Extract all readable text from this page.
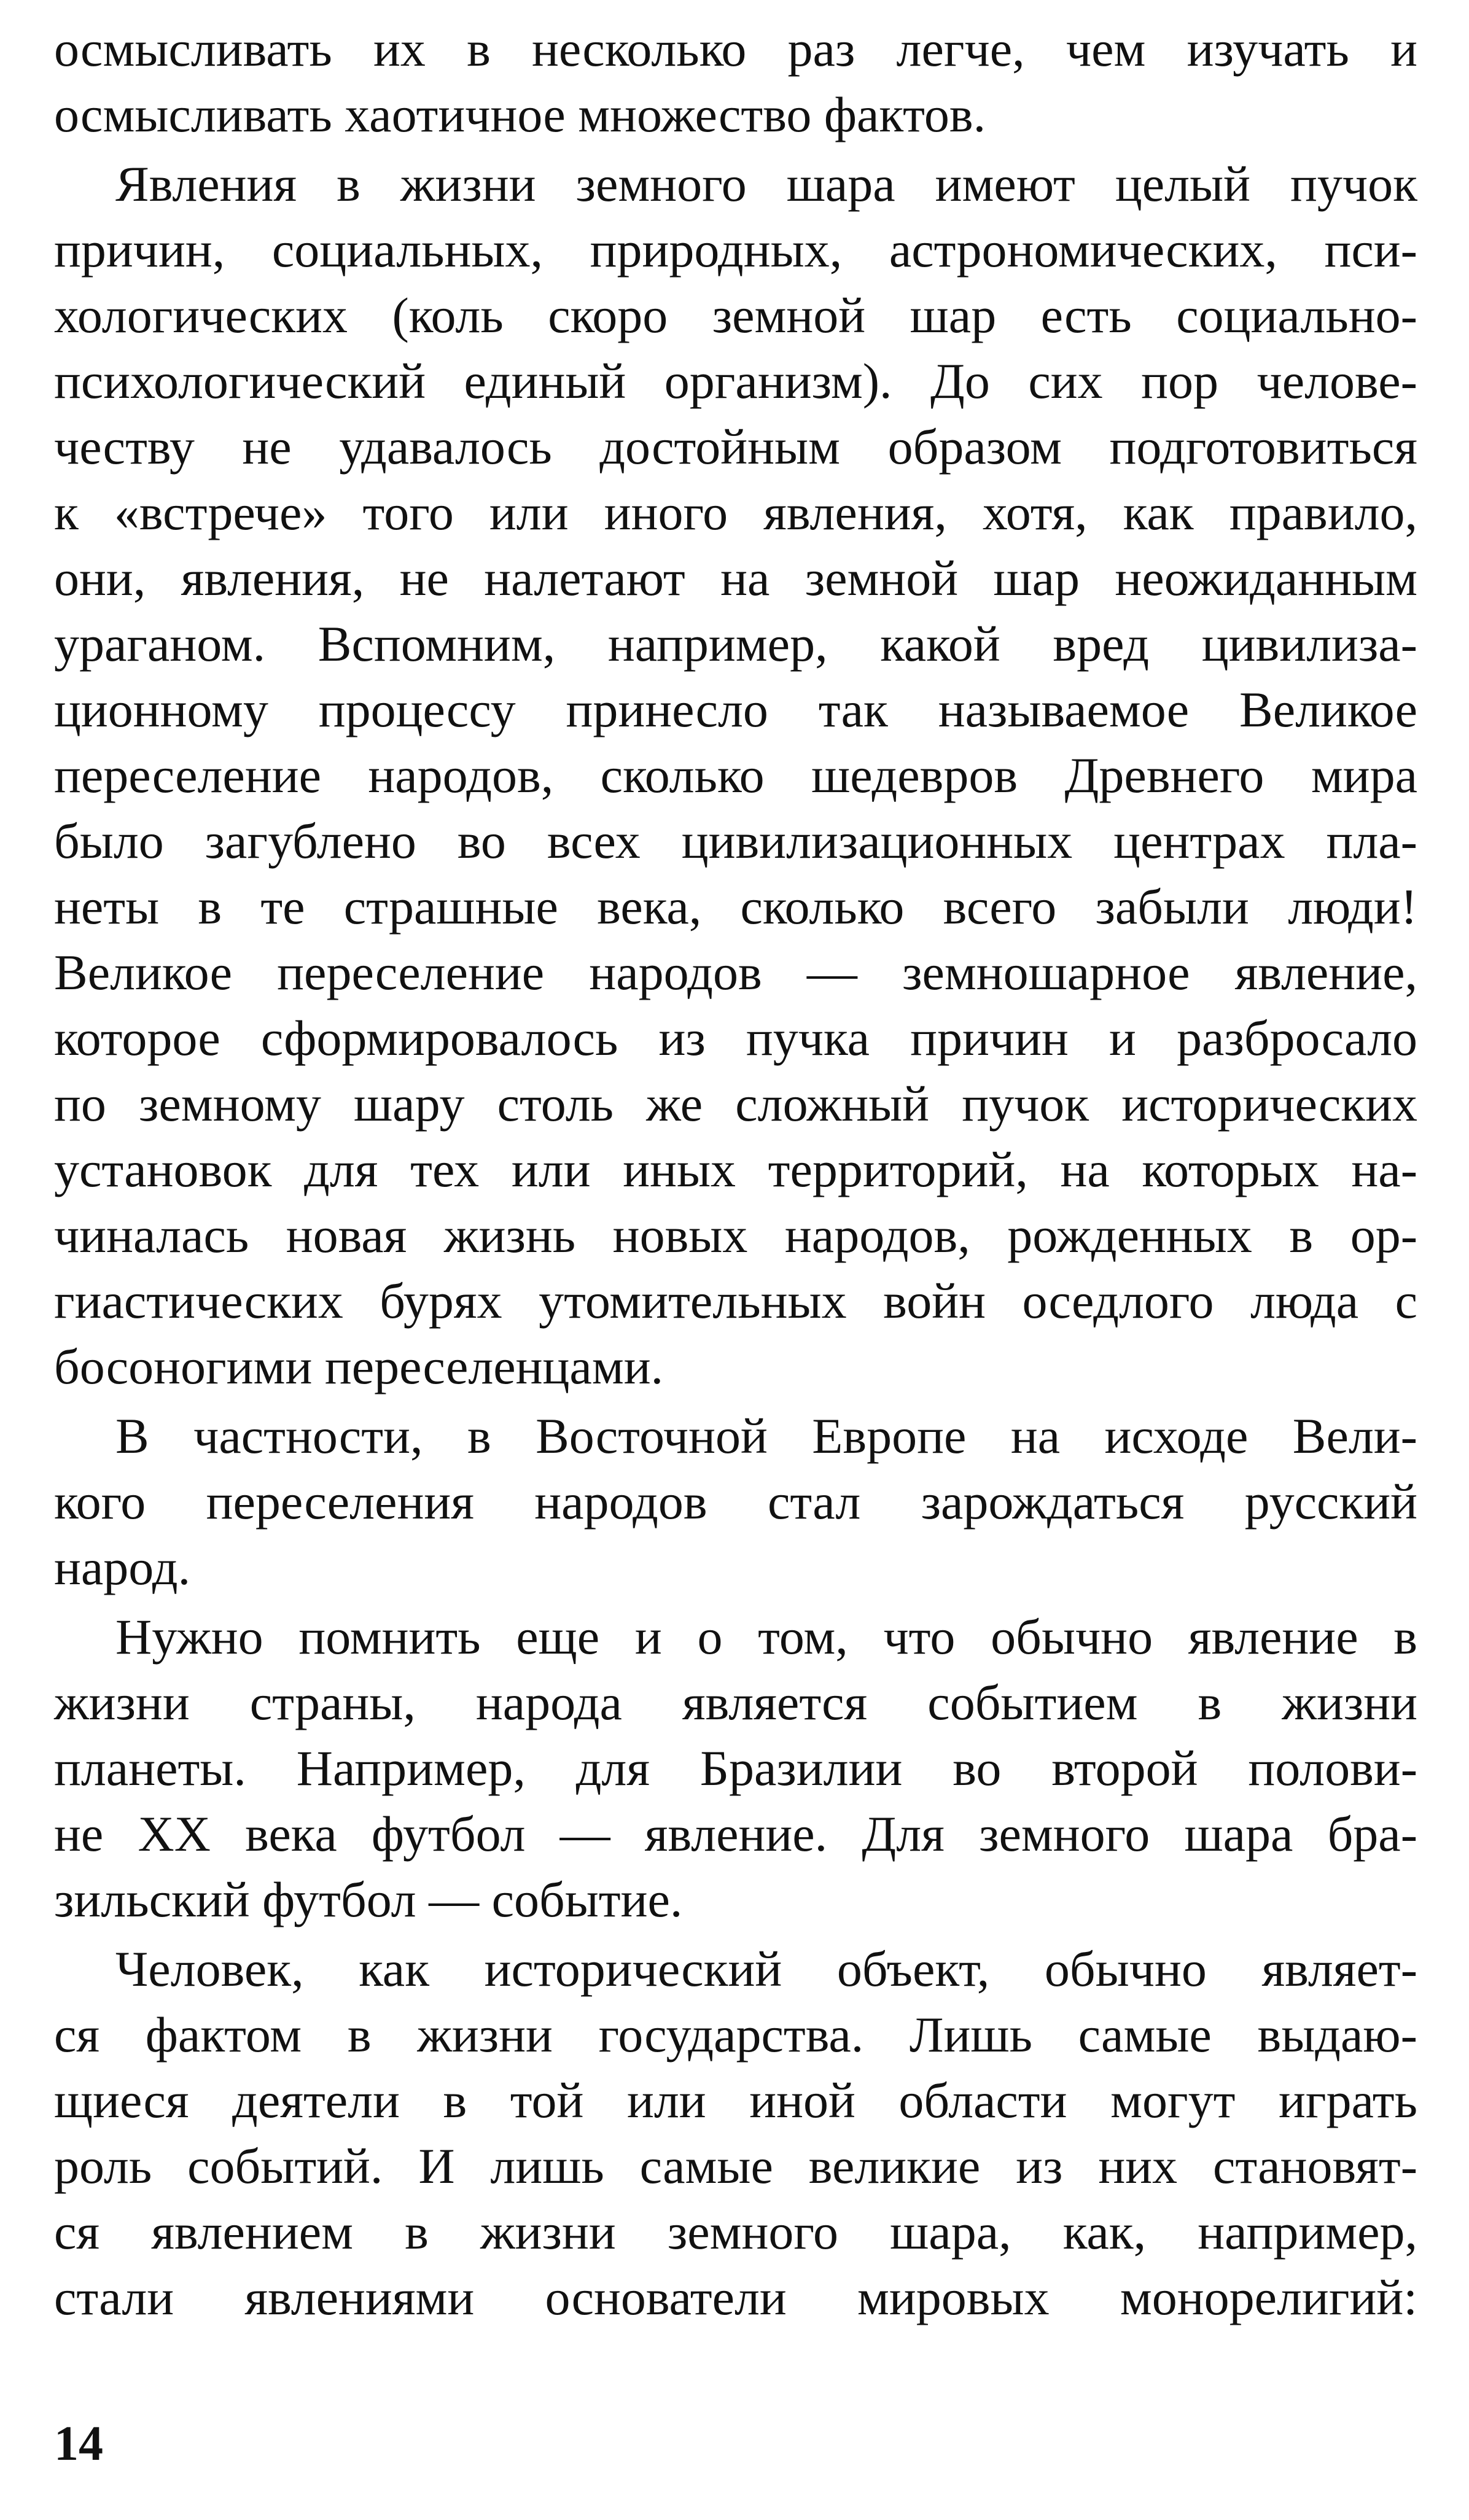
осмысливать их в несколько раз легче, чем изучать и
осмысливать хаотичное множество фактов.

Явления в жизни земного шара имеют целый пучок
причин, социальных, природных, астрономических, пси-
хологических (коль скоро земной шар есть социально-
психологический единый организм). До сих пор челове-
честву не удавалось достойным образом подготовиться
к «встрече» того или иного явления, хотя, как правило,
они, явления, не налетают на земной шар неожиданным
ураганом. Вспомним, например, какой вред цивилиза-
ционному процессу принесло так называемое Великое
переселение народов, сколько шедевров Древнего мира
было загублено во всех цивилизационных центрах пла-
неты в те страшные века, сколько всего забыли люди!
Великое переселение народов — земношарное явление,
которое сформировалось из пучка причин и разбросало
по земному шару столь же сложный пучок исторических
установок для тех или иных территорий, на которых на-
чиналась новая жизнь новых народов, рожденных в ор-
гиастических бурях утомительных войн оседлого люда с
босоногими переселенцами.

В частности, в Восточной Европе на исходе Вели-
кого переселения народов стал зарождаться русский
народ.

Нужно помнить еще и о том, что обычно явление в
жизни страны, народа является событием в жизни
планеты. Например, для Бразилии во второй полови-
не XX века футбол — явление. Для земного шара бра-
зильский футбол — событие.

Человек, как исторический объект, обычно являет-
ся фактом в жизни государства. Лишь самые выдаю-
щиеся деятели в той или иной области могут играть
роль событий. И лишь самые великие из них становят-
ся явлением в жизни земного шара, как, например,
стали явлениями основатели мировых монорелигий:

14
